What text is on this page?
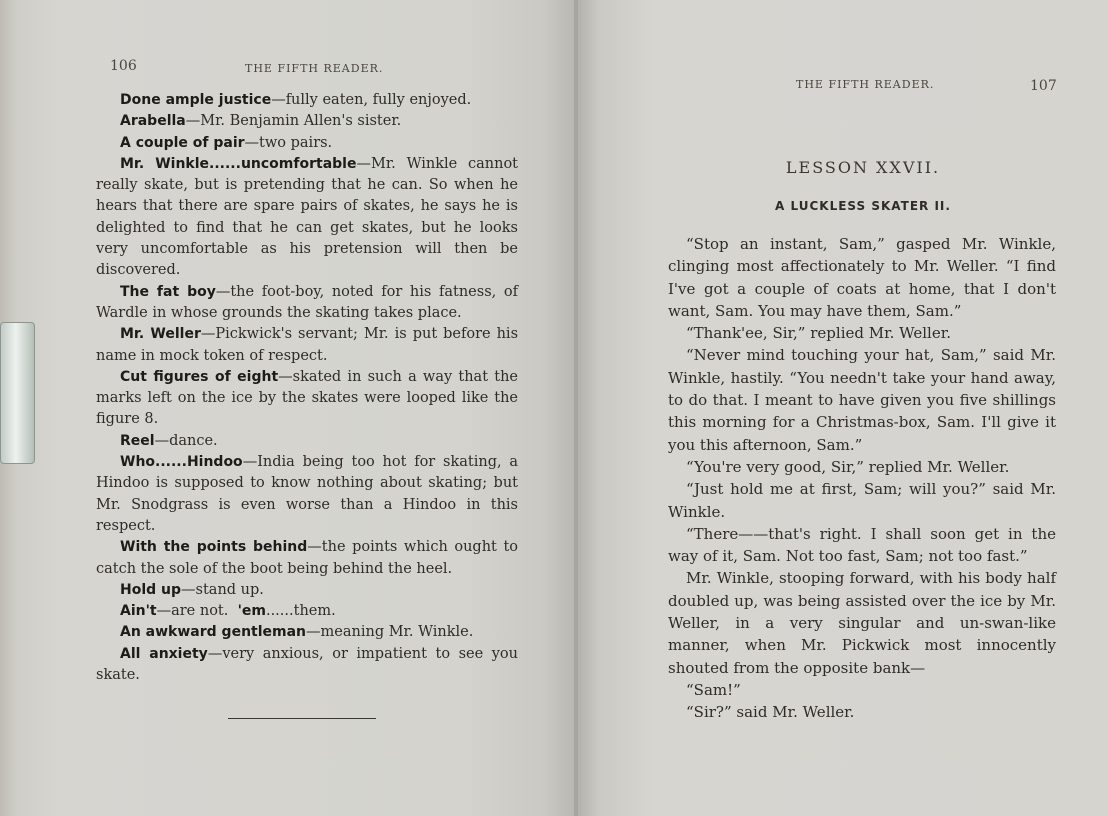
106	THE FIFTH READER.

Done ample justice—fully eaten, fully enjoyed.

Arabella—Mr. Benjamin Allen's sister.

A couple of pair—two pairs.

Mr. Winkle......uncomfortable—Mr. Winkle cannot really skate, but is pretending that he can. So when he hears that there are spare pairs of skates, he says he is delighted to find that he can get skates, but he looks very uncomfortable as his pretension will then be discovered.

The fat boy—the foot-boy, noted for his fatness, of Wardle in whose grounds the skating takes place.

Mr. Weller—Pickwick's servant; Mr. is put before his name in mock token of respect.

Cut figures of eight—skated in such a way that the marks left on the ice by the skates were looped like the figure 8.

Reel—dance.

Who......Hindoo—India being too hot for skating, a Hindoo is supposed to know nothing about skating; but Mr. Snodgrass is even worse than a Hindoo in this respect.

With the points behind—the points which ought to catch the sole of the boot being behind the heel.

Hold up—stand up.

Ain't—are not. 'em......them.

An awkward gentleman—meaning Mr. Winkle.

All anxiety—very anxious, or impatient to see you skate.

THE FIFTH READER.	107
LESSON XXVII.
A LUCKLESS SKATER II.

“Stop an instant, Sam,” gasped Mr. Winkle, clinging most affectionately to Mr. Weller. “I find I've got a couple of coats at home, that I don't want, Sam. You may have them, Sam.”

“Thank'ee, Sir,” replied Mr. Weller.

“Never mind touching your hat, Sam,” said Mr. Winkle, hastily. “You needn't take your hand away, to do that. I meant to have given you five shillings this morning for a Christmas-box, Sam. I'll give it you this afternoon, Sam.”

“You're very good, Sir,” replied Mr. Weller.

“Just hold me at first, Sam; will you?” said Mr. Winkle.

“There——that's right. I shall soon get in the way of it, Sam. Not too fast, Sam; not too fast.”

Mr. Winkle, stooping forward, with his body half doubled up, was being assisted over the ice by Mr. Weller, in a very singular and un-swan-like manner, when Mr. Pickwick most innocently shouted from the opposite bank—

“Sam!”

“Sir?” said Mr. Weller.
